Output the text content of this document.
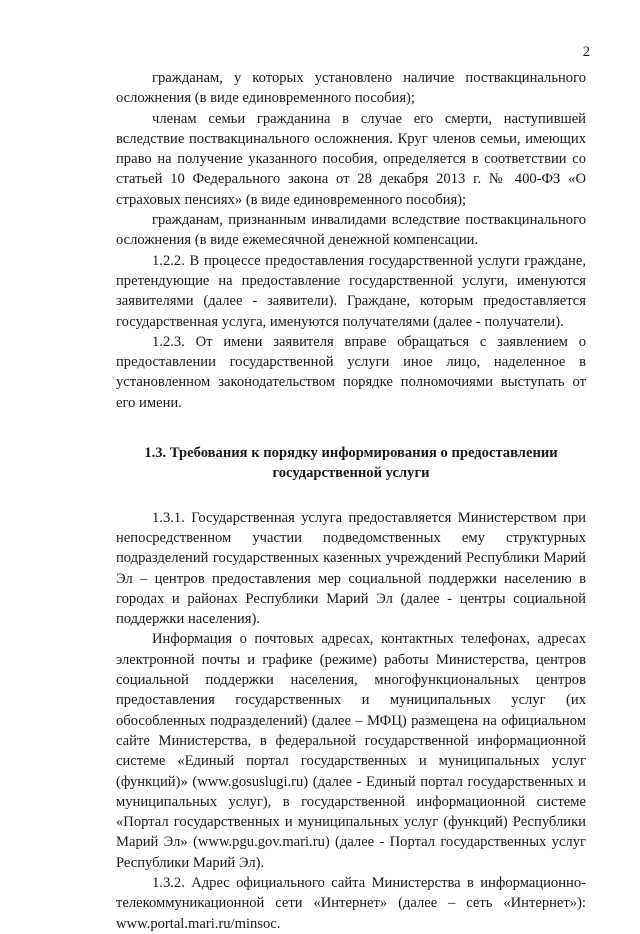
2

гражданам, у которых установлено наличие поствакцинального осложнения (в виде единовременного пособия);

членам семьи гражданина в случае его смерти, наступившей вследствие поствакцинального осложнения. Круг членов семьи, имеющих право на получение указанного пособия, определяется в соответствии со статьей 10 Федерального закона от 28 декабря 2013 г. № 400-ФЗ «О страховых пенсиях» (в виде единовременного пособия);

гражданам, признанным инвалидами вследствие поствакцинального осложнения (в виде ежемесячной денежной компенсации.

1.2.2. В процессе предоставления государственной услуги граждане, претендующие на предоставление государственной услуги, именуются заявителями (далее - заявители). Граждане, которым предоставляется государственная услуга, именуются получателями (далее - получатели).

1.2.3. От имени заявителя вправе обращаться с заявлением о предоставлении государственной услуги иное лицо, наделенное в установленном законодательством порядке полномочиями выступать от его имени.

1.3. Требования к порядку информирования о предоставлении государственной услуги

1.3.1. Государственная услуга предоставляется Министерством при непосредственном участии подведомственных ему структурных подразделений государственных казенных учреждений Республики Марий Эл – центров предоставления мер социальной поддержки населению в городах и районах Республики Марий Эл (далее - центры социальной поддержки населения).

Информация о почтовых адресах, контактных телефонах, адресах электронной почты и графике (режиме) работы Министерства, центров социальной поддержки населения, многофункциональных центров предоставления государственных и муниципальных услуг (их обособленных подразделений) (далее – МФЦ) размещена на официальном сайте Министерства, в федеральной государственной информационной системе «Единый портал государственных и муниципальных услуг (функций)» (www.gosuslugi.ru) (далее - Единый портал государственных и муниципальных услуг), в государственной информационной системе «Портал государственных и муниципальных услуг (функций) Республики Марий Эл» (www.pgu.gov.mari.ru) (далее - Портал государственных услуг Республики Марий Эл).

1.3.2. Адрес официального сайта Министерства в информационно-телекоммуникационной сети «Интернет» (далее – сеть «Интернет»): www.portal.mari.ru/minsoc.
